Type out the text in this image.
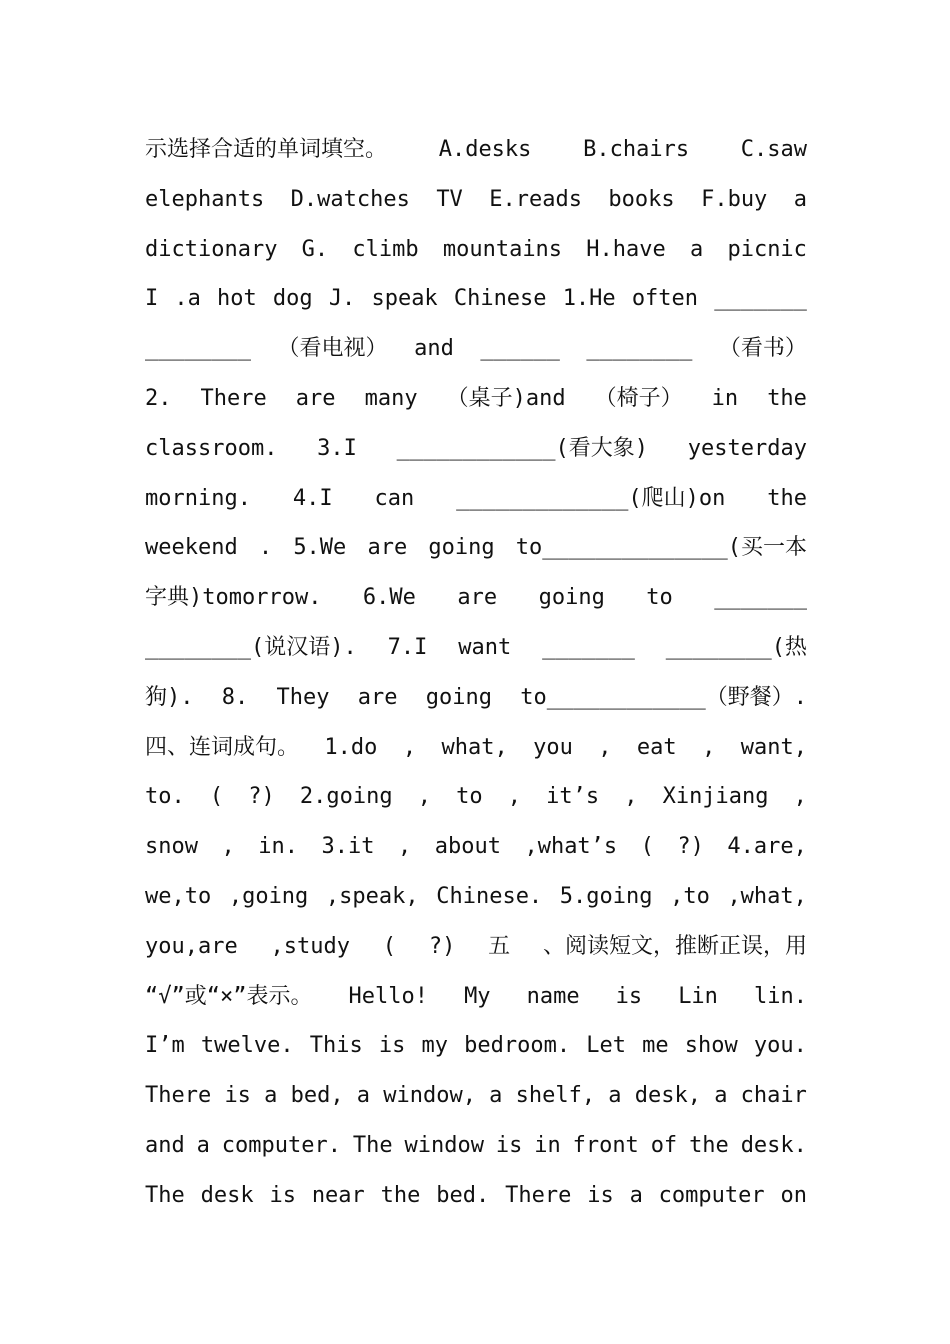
示选择合适的单词填空。 A.desks B.chairs C.saw
elephants D.watches TV E.reads books F.buy a
dictionary G. climb mountains H.have a picnic
I .a hot dog J. speak Chinese 1.He often _______
________ （看电视） and ______ ________ （看书）
2. There are many （桌子)and （椅子） in the
classroom. 3.I ____________(看大象) yesterday
morning. 4.I can _____________(爬山)on the
weekend . 5.We are going to______________(买一本
字典)tomorrow. 6.We are going to _______
________(说汉语). 7.I want _______ ________(热
狗). 8. They are going to____________（野餐）.
四、连词成句。 1.do , what, you , eat , want,
to. ( ?) 2.going , to , it’s , Xinjiang ,
snow , in. 3.it , about ,what’s ( ?) 4.are,
we,to ,going ,speak, Chinese. 5.going ,to ,what,
you,are ,study ( ?) 五 、阅读短文，推断正误，用
“√”或“×”表示。 Hello! My name is Lin lin.
I’m twelve. This is my bedroom. Let me show you.
There is a bed, a window, a shelf, a desk, a chair
and a computer. The window is in front of the desk.
The desk is near the bed. There is a computer on
